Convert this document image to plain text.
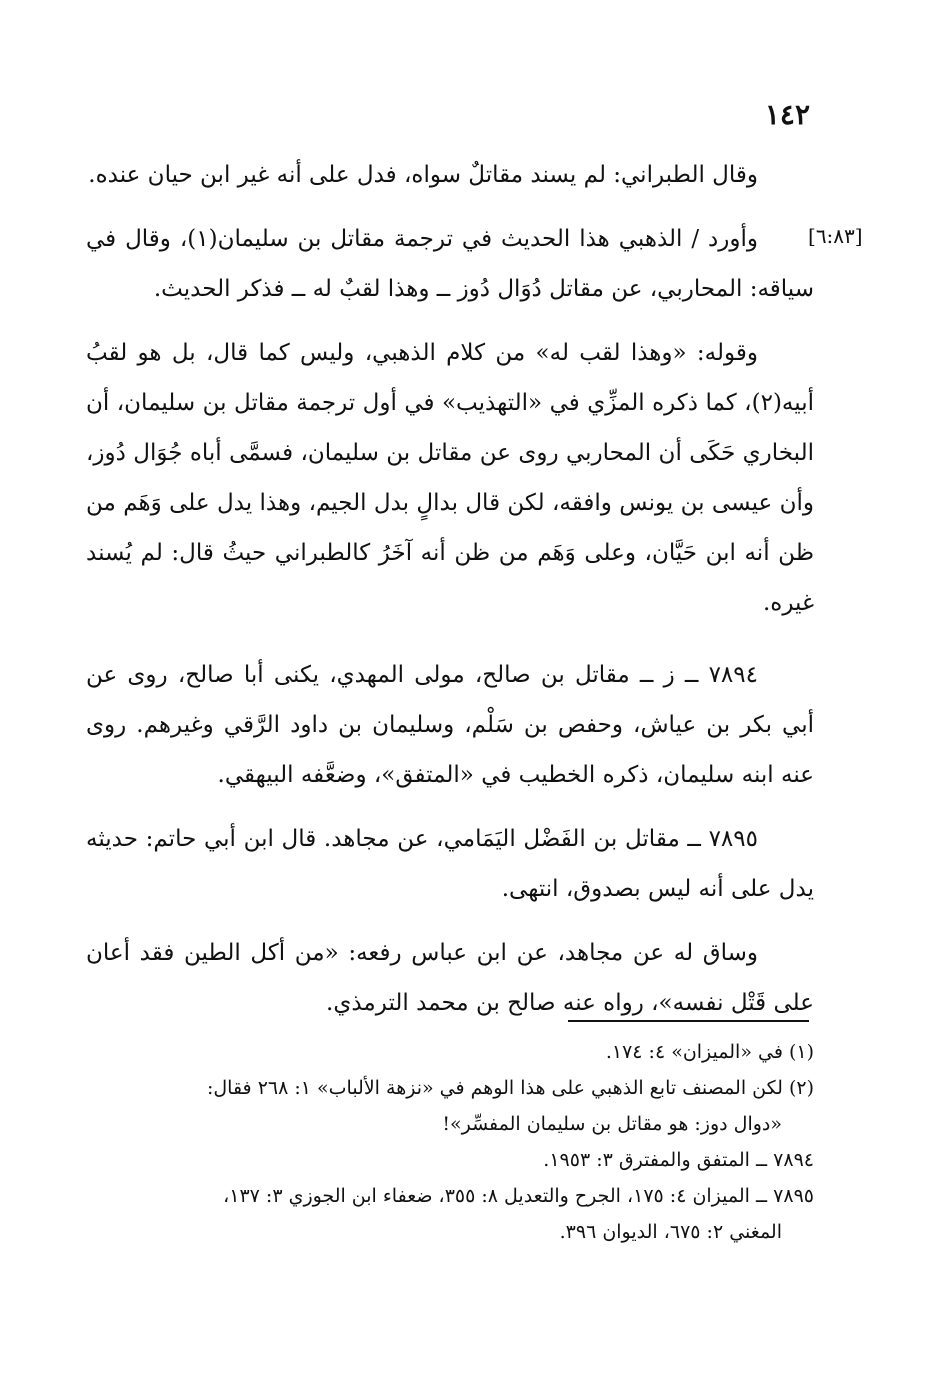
١٤٢
[٦:٨٣]

وقال الطبراني: لم يسند مقاتلٌ سواه، فدل على أنه غير ابن حيان عنده.

وأورد / الذهبي هذا الحديث في ترجمة مقاتل بن سليمان(١)، وقال في سياقه: المحاربي، عن مقاتل دُوَال دُوز ــ وهذا لقبٌ له ــ فذكر الحديث.

وقوله: «وهذا لقب له» من كلام الذهبي، وليس كما قال، بل هو لقبُ أبيه(٢)، كما ذكره المزِّي في «التهذيب» في أول ترجمة مقاتل بن سليمان، أن البخاري حَكَى أن المحاربي روى عن مقاتل بن سليمان، فسمَّى أباه جُوَال دُوز، وأن عيسى بن يونس وافقه، لكن قال بدالٍ بدل الجيم، وهذا يدل على وَهَم من ظن أنه ابن حَيَّان، وعلى وَهَم من ظن أنه آخَرُ كالطبراني حيثُ قال: لم يُسند غيره.

٧٨٩٤ ــ ز ــ مقاتل بن صالح، مولى المهدي، يكنى أبا صالح، روى عن أبي بكر بن عياش، وحفص بن سَلْم، وسليمان بن داود الرَّقي وغيرهم. روى عنه ابنه سليمان، ذكره الخطيب في «المتفق»، وضعَّفه البيهقي.

٧٨٩٥ ــ مقاتل بن الفَضْل اليَمَامي، عن مجاهد. قال ابن أبي حاتم: حديثه يدل على أنه ليس بصدوق، انتهى.

وساق له عن مجاهد، عن ابن عباس رفعه: «من أكل الطين فقد أعان على قَتْل نفسه»، رواه عنه صالح بن محمد الترمذي.

(١) في «الميزان» ٤: ١٧٤.

(٢) لكن المصنف تابع الذهبي على هذا الوهم في «نزهة الألباب» ١: ٢٦٨ فقال:

«دوال دوز: هو مقاتل بن سليمان المفسِّر»!

٧٨٩٤ ــ المتفق والمفترق ٣: ١٩٥٣.

٧٨٩٥ ــ الميزان ٤: ١٧٥، الجرح والتعديل ٨: ٣٥٥، ضعفاء ابن الجوزي ٣: ١٣٧،

المغني ٢: ٦٧٥، الديوان ٣٩٦.
